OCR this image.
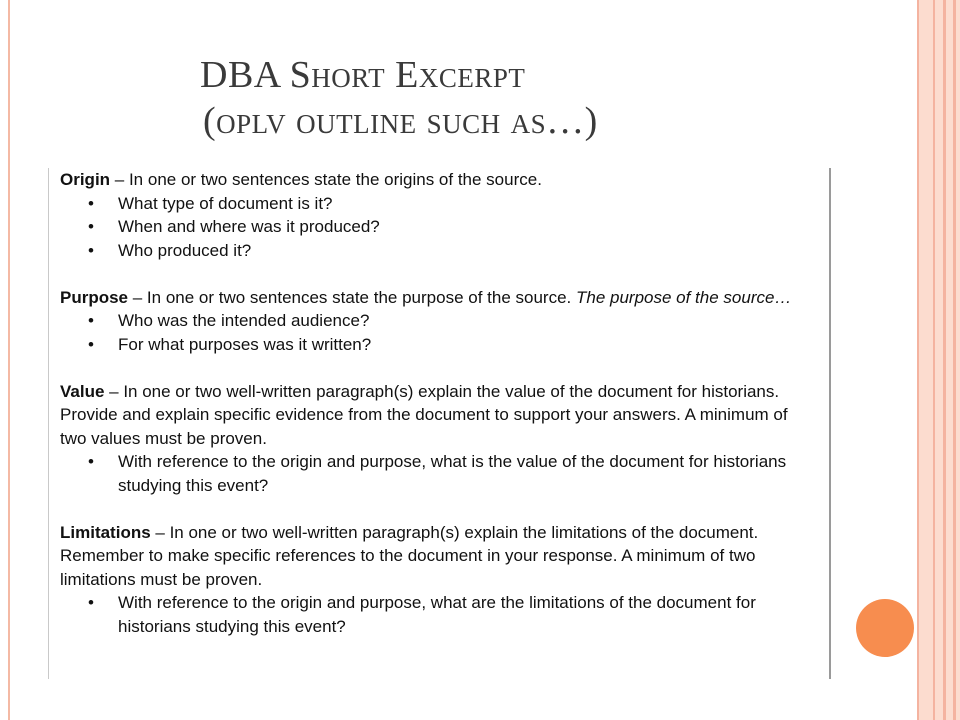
DBA Short Excerpt
(oplv outline such as…)

Origin – In one or two sentences state the origins of the source.

• What type of document is it?
• When and where was it produced?
• Who produced it?

Purpose – In one or two sentences state the purpose of the source. The purpose of the source…

• Who was the intended audience?
• For what purposes was it written?

Value – In one or two well-written paragraph(s) explain the value of the document for historians. Provide and explain specific evidence from the document to support your answers. A minimum of two values must be proven.

• With reference to the origin and purpose, what is the value of the document for historians studying this event?

Limitations – In one or two well-written paragraph(s) explain the limitations of the document. Remember to make specific references to the document in your response. A minimum of two limitations must be proven.

• With reference to the origin and purpose, what are the limitations of the document for historians studying this event?
